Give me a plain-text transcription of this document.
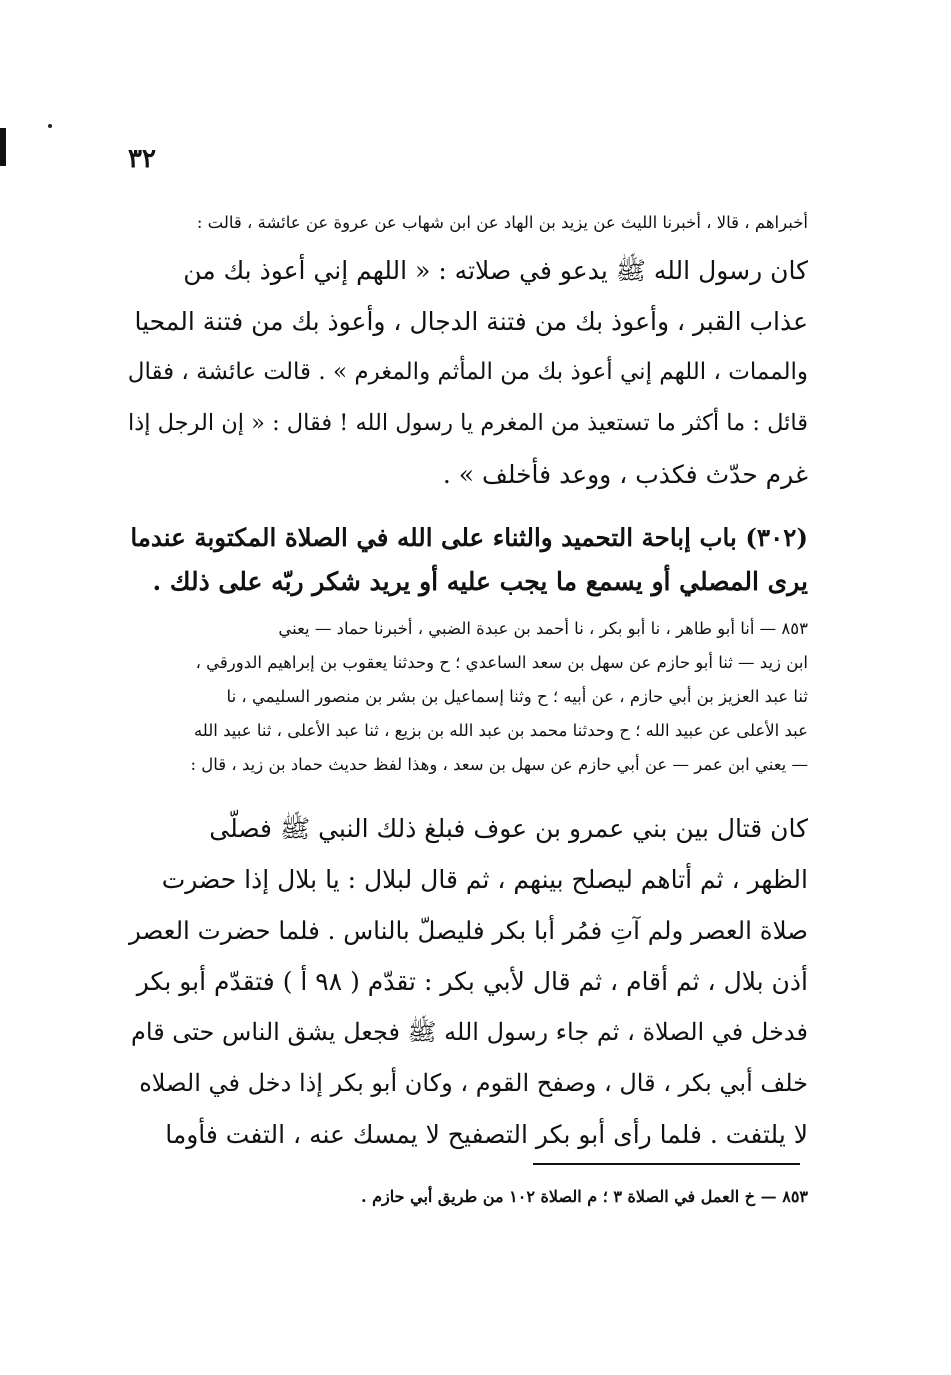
٣٢

أخبراهم ، قالا ، أخبرنا الليث عن يزيد بن الهاد عن ابن شهاب عن عروة عن عائشة ، قالت :

كان رسول الله ﷺ يدعو في صلاته : « اللهم إني أعوذ بك من

عذاب القبر ، وأعوذ بك من فتنة الدجال ، وأعوذ بك من فتنة المحيا

والممات ، اللهم إني أعوذ بك من المأثم والمغرم » . قالت عائشة ، فقال

قائل : ما أكثر ما تستعيذ من المغرم يا رسول الله ! فقال : « إن الرجل إذا

غرم حدّث فكذب ، ووعد فأخلف » .

(٣٠٢) باب إباحة التحميد والثناء على الله في الصلاة المكتوبة عندما

يرى المصلي أو يسمع ما يجب عليه أو يريد شكر ربّه على ذلك .

٨٥٣ — أنا أبو طاهر ، نا أبو بكر ، نا أحمد بن عبدة الضبي ، أخبرنا حماد — يعني

ابن زيد — ثنا أبو حازم عن سهل بن سعد الساعدي ؛ ح وحدثنا يعقوب بن إبراهيم الدورقي ،

ثنا عبد العزيز بن أبي حازم ، عن أبيه ؛ ح وثنا إسماعيل بن بشر بن منصور السليمي ، نا

عبد الأعلى عن عبيد الله ؛ ح وحدثنا محمد بن عبد الله بن بزيع ، ثنا عبد الأعلى ، ثنا عبيد الله

— يعني ابن عمر — عن أبي حازم عن سهل بن سعد ، وهذا لفظ حديث حماد بن زيد ، قال :

كان قتال بين بني عمرو بن عوف فبلغ ذلك النبي ﷺ فصلّى

الظهر ، ثم أتاهم ليصلح بينهم ، ثم قال لبلال : يا بلال إذا حضرت

صلاة العصر ولم آتِ فمُر أبا بكر فليصلّ بالناس . فلما حضرت العصر

أذن بلال ، ثم أقام ، ثم قال لأبي بكر : تقدّم ( ٩٨ أ ) فتقدّم أبو بكر

فدخل في الصلاة ، ثم جاء رسول الله ﷺ فجعل يشق الناس حتى قام

خلف أبي بكر ، قال ، وصفح القوم ، وكان أبو بكر إذا دخل في الصلاه

لا يلتفت . فلما رأى أبو بكر التصفيح لا يمسك عنه ، التفت فأوما

٨٥٣ — خ العمل في الصلاة ٣ ؛ م الصلاة ١٠٢ من طريق أبي حازم .
